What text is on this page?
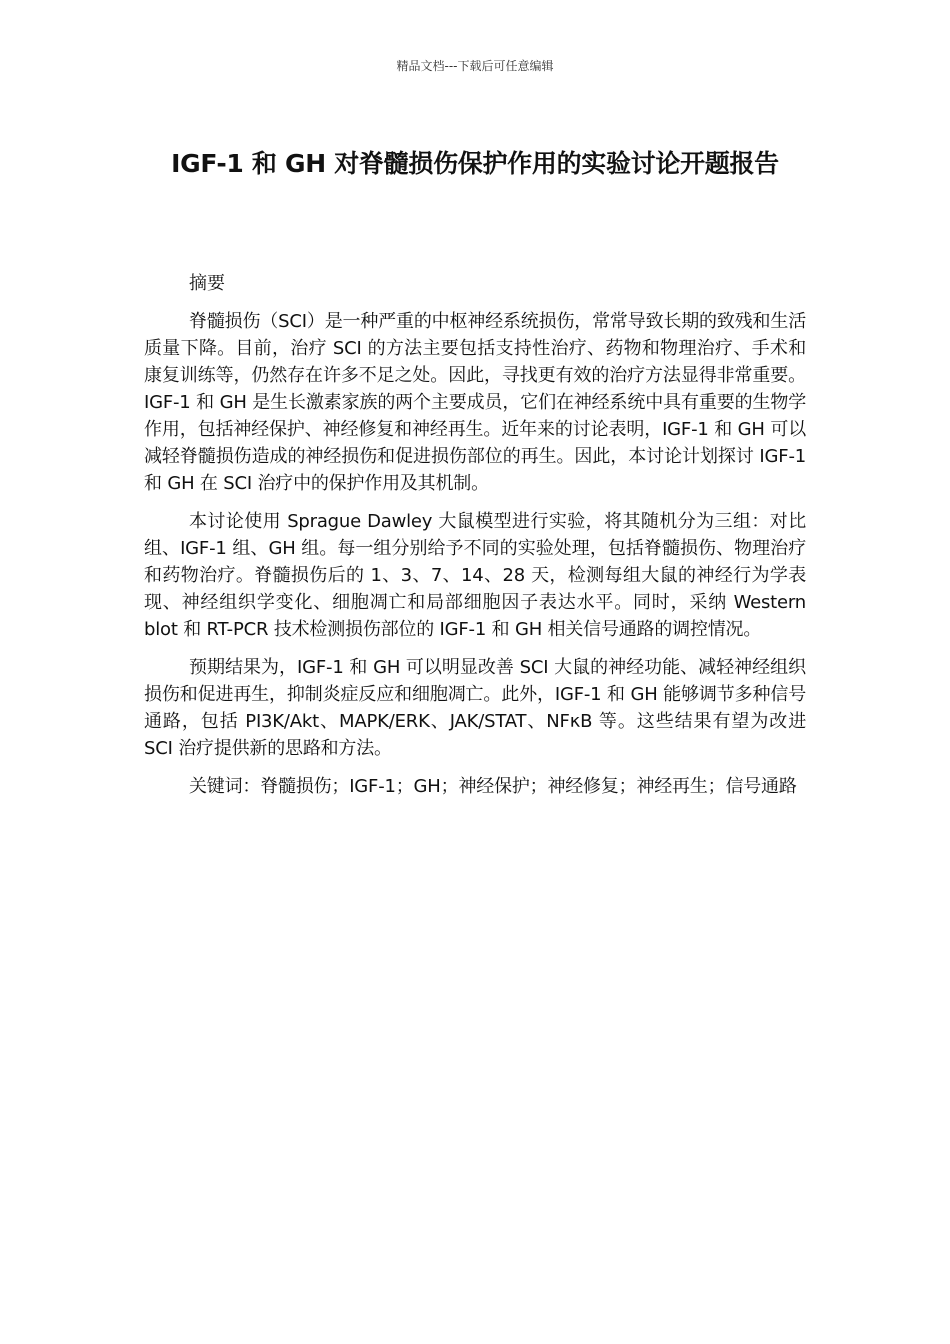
精品文档---下载后可任意编辑
IGF-1 和 GH 对脊髓损伤保护作用的实验讨论开题报告

摘要

脊髓损伤（SCI）是一种严重的中枢神经系统损伤，常常导致长期的致残和生活质量下降。目前，治疗 SCI 的方法主要包括支持性治疗、药物和物理治疗、手术和康复训练等，仍然存在许多不足之处。因此，寻找更有效的治疗方法显得非常重要。IGF-1 和 GH 是生长激素家族的两个主要成员，它们在神经系统中具有重要的生物学作用，包括神经保护、神经修复和神经再生。近年来的讨论表明，IGF-1 和 GH 可以减轻脊髓损伤造成的神经损伤和促进损伤部位的再生。因此，本讨论计划探讨 IGF-1 和 GH 在 SCI 治疗中的保护作用及其机制。

本讨论使用 Sprague Dawley 大鼠模型进行实验，将其随机分为三组：对比组、IGF-1 组、GH 组。每一组分别给予不同的实验处理，包括脊髓损伤、物理治疗和药物治疗。脊髓损伤后的 1、3、7、14、28 天，检测每组大鼠的神经行为学表现、神经组织学变化、细胞凋亡和局部细胞因子表达水平。同时，采纳 Western blot 和 RT-PCR 技术检测损伤部位的 IGF-1 和 GH 相关信号通路的调控情况。

预期结果为，IGF-1 和 GH 可以明显改善 SCI 大鼠的神经功能、减轻神经组织损伤和促进再生，抑制炎症反应和细胞凋亡。此外，IGF-1 和 GH 能够调节多种信号通路，包括 PI3K/Akt、MAPK/ERK、JAK/STAT、NFκB 等。这些结果有望为改进 SCI 治疗提供新的思路和方法。

关键词：脊髓损伤；IGF-1；GH；神经保护；神经修复；神经再生；信号通路
